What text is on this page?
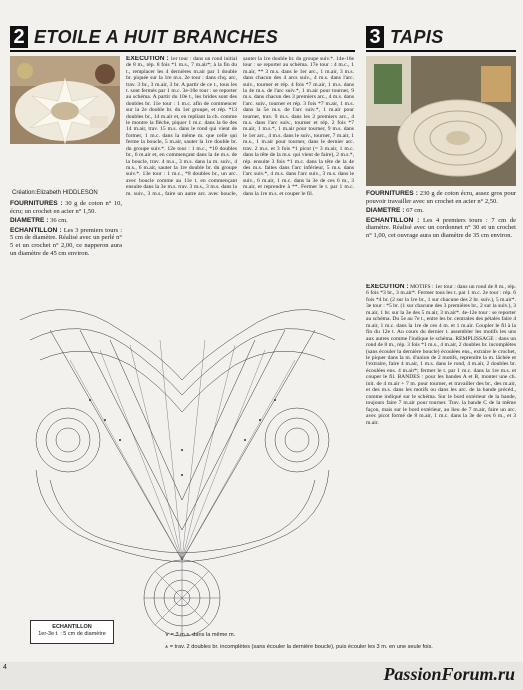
2 ETOILE A HUIT BRANCHES	3 TAPIS
Création:Elizabeth HIDDLESON
FOURNITURES : 30 g de coton n° 10, écru; un crochet en acier n° 1,50.
DIAMETRE : 36 cm.
ECHANTILLON : Les 3 premiers tours : 5 cm de diamètre. Réalisé avec un perlé n° 5 et un crochet n° 2,00, ce napperon aura un diamètre de 45 cm environ.
EXECUTION : 1er tour : dans un rond initial de 8 m., rép. 8 fois *1 m.s., 7 m.air*; à la fin du t., remplacer les 4 dernières m.air par 1 double br. piquée sur la 1re m.s. 2e tour : dans chq. arc, trav. 3 br., 3 m.air, 3 br. A partir de ce t., tous les t. sont fermés par 1 m.c. 3e-10e tour : se reporter au schéma. A partir du 10e t., les brides sont des doubles br. 11e tour : 1 m.c. afin de commencer sur la 2e double br. du 1er groupe, et rép. *13 doubles br., 14 m.air et, en repliant la ch. comme le montre la flèche, piquer 1 m.c. dans la 6e des 14 m.air, trav. 15 m.s. dans le rond qui vient de former, 1 m.c. dans la même m. que celle qui ferme la boucle, 5 m.air, sauter la 1re double br. du groupe suiv.*. 12e tour : 1 m.c., *10 doubles br., 6 m.air et, en commençant dans la 4e m.s. de la boucle, trav. 4 m.s., 3 m.s. dans la m. suiv., 4 m.s., 6 m.air, sauter la 1re double br. du groupe suiv.*. 13e tour : 1 m.c., *8 doubles br., un arc. avec boucle comme au 11e t. en commençant ensuite dans la 3e m.s. trav. 3 m.s., 3 m.s. dans la m. suiv., 3 m.s., faire un autre arc. avec boucle, sauter la 1re double br. du groupe suiv.*. 14e-16e tour : se reporter au schéma. 17e tour : 4 m.c., 1 m.air, ** 3 m.s. dans le 1er arc., 1 m.air, 3 m.s. dans chacun des 4 arcs suiv., 4 m.s. dans l'arc. suiv., tourner et rép. 4 fois *7 m.air, 1 m.s. dans la 4e m.s. de l'arc suiv.*, 1 m.air pour tourner, 9 m.s. dans chacun des 3 premiers arc., 4 m.s. dans l'arc. suiv., tourner et rép. 3 fois *7 m.air, 1 m.s. dans la 5e m.s. de l'arc suiv.*, 1 m.air pour tourner, trav. 9 m.s. dans les 2 premiers arc., 4 m.s. dans l'arc suiv., tourner et rép. 2 fois *7 m.air, 1 m.s.*, 1 m.air pour tourner, 9 m.s. dans le 1er arc., 4 m.s. dans le suiv., tourner, 7 m.air, 1 m.s., 1 m.air pour tourner, dans le dernier arc. trav. 2 m.s. et 3 fois *1 picot (= 3 m.air, 1 m.c. dans la tête de la m.s. qui vient de faire), 2 m.s.*, rép. ensuite 3 fois *1 m.c. dans la tête de la 4e des m.s. faites dans l'arc inférieur, 5 m.s. dans l'arc suiv.*, 4 m.s. dans l'arc suiv., 3 m.s. dans le suiv., 6 m.air, 1 m.c. dans la 3e de ces 6 m., 3 m.air, et reprendre à **. Fermer le t. par 1 m.c. dans la 1re m.s. et couper le fil.
ECHANTILLON
1er-3e t. : 5 cm de diamètre	⋎ = 3 m.s. dans la même m.
⩚ = trav. 2 doubles br. incomplètes (sans écouler la dernière boucle), puis écouler les 3 m. en une seule fois.
FOURNITURES : 230 g de coton écru, assez gros pour pouvoir travailler avec un crochet en acier n° 2,50.
DIAMETRE : 67 cm.
ECHANTILLON : Les 4 premiers tours : 7 cm de diamètre. Réalisé avec un cordonnet n° 30 et un crochet n° 1,00, cet ouvrage aura un diamètre de 35 cm environ.
EXECUTION : MOTIFS : 1er tour : dans un rond de 8 m., rép. 6 fois *3 br., 3 m.air*. Fermer tous les t. par 1 m.c. 2e tour : rép. 6 fois *4 br. (2 sur la 1re br., 1 sur chacune des 2 br. suiv.), 5 m.air*. 3e tour : *5 br. (1 sur chacune des 3 premières br., 2 sur la suiv.), 3 m.air, 1 br. sur la 3e des 5 m.air, 3 m.air*. 4e-12e tour : se reporter au schéma. Du 5e au 7e t., entre les br. centrales des pétales faire 4 m.air, 1 m.c. dans la 1re de ces 4 m. et 1 m.air. Coupler le fil à la fin du 12e t. Au cours du dernier t. assembler les motifs les uns aux autres comme l'indique le schéma. REMPLISSAGE : dans un rond de 8 m., rép. 3 fois *1 m.s., 4 m.air, 2 doubles br. incomplètes (sans écouler la dernière boucle) écoulées ens., extraire le crochet, le piquer dans la m. d'union de 2 motifs, reprendre la m. lâchée et l'extraire, faire 4 m.air, 1 m.s. dans le rond, 4 m.air, 2 doubles br. écoulées ens. 4 m.air*; fermer le t. par 1 m.c. dans la 1re m.s. et couper le fil. BANDES : pour les bandes A et B, monter une ch. init. de 4 m.air + 7 m. pour tourner, et travailler des br., des m.air, et des m.s. dans les motifs ou dans les arc. de la bande précéd., comme indiqué sur le schéma. Sur le bord extérieur de la bande, toujours faire 7 m.air pour tourner. Trav. la bande C de la même façon, mais sur le bord extérieur, au lieu de 7 m.air, faire un arc. avec picot formé de 8 m.air, 1 m.c. dans la 3e de ces 6 m., et 3 m.air.
4	PassionForum.ru
